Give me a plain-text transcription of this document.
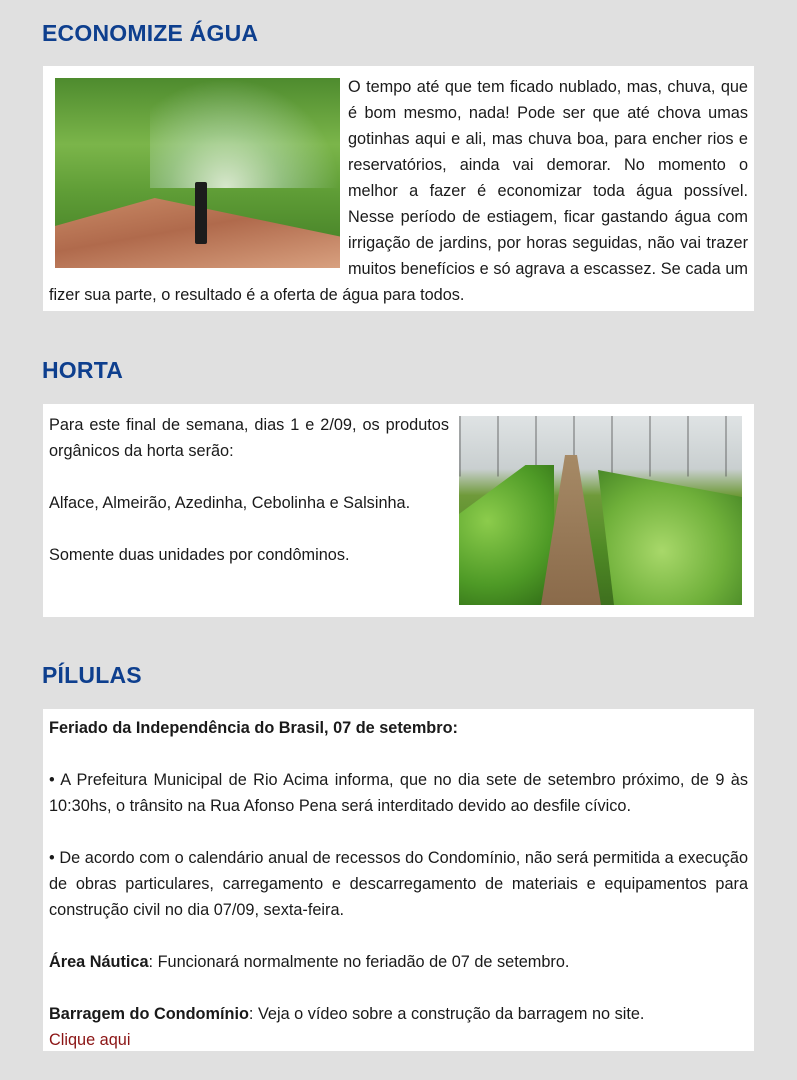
ECONOMIZE ÁGUA

O tempo até que tem ficado nublado, mas, chuva, que é bom mesmo, nada! Pode ser que até chova umas gotinhas aqui e ali, mas chuva boa, para encher rios e reservatórios, ainda vai demorar. No momento o melhor a fazer é economizar toda água possível. Nesse período de estiagem, ficar gastando água com irrigação de jardins, por horas seguidas, não vai trazer muitos benefícios e só agrava a escassez. Se cada um fizer sua parte, o resultado é a oferta de água para todos.

HORTA

Para este final de semana, dias 1 e 2/09, os produtos orgânicos da horta serão:

Alface, Almeirão, Azedinha, Cebolinha e Salsinha.

Somente duas unidades por condôminos.

PÍLULAS

Feriado da Independência do Brasil, 07 de setembro:

• A Prefeitura Municipal de Rio Acima informa, que no dia sete de setembro próximo, de 9 às 10:30hs, o trânsito na Rua Afonso Pena será interditado devido ao desfile cívico.

• De acordo com o calendário anual de recessos do Condomínio, não será permitida a execução de obras particulares, carregamento e descarregamento de materiais e equipamentos para construção civil no dia 07/09, sexta-feira.

Área Náutica: Funcionará normalmente no feriadão de 07 de setembro.

Barragem do Condomínio: Veja o vídeo sobre a construção da barragem no site.

Clique aqui
